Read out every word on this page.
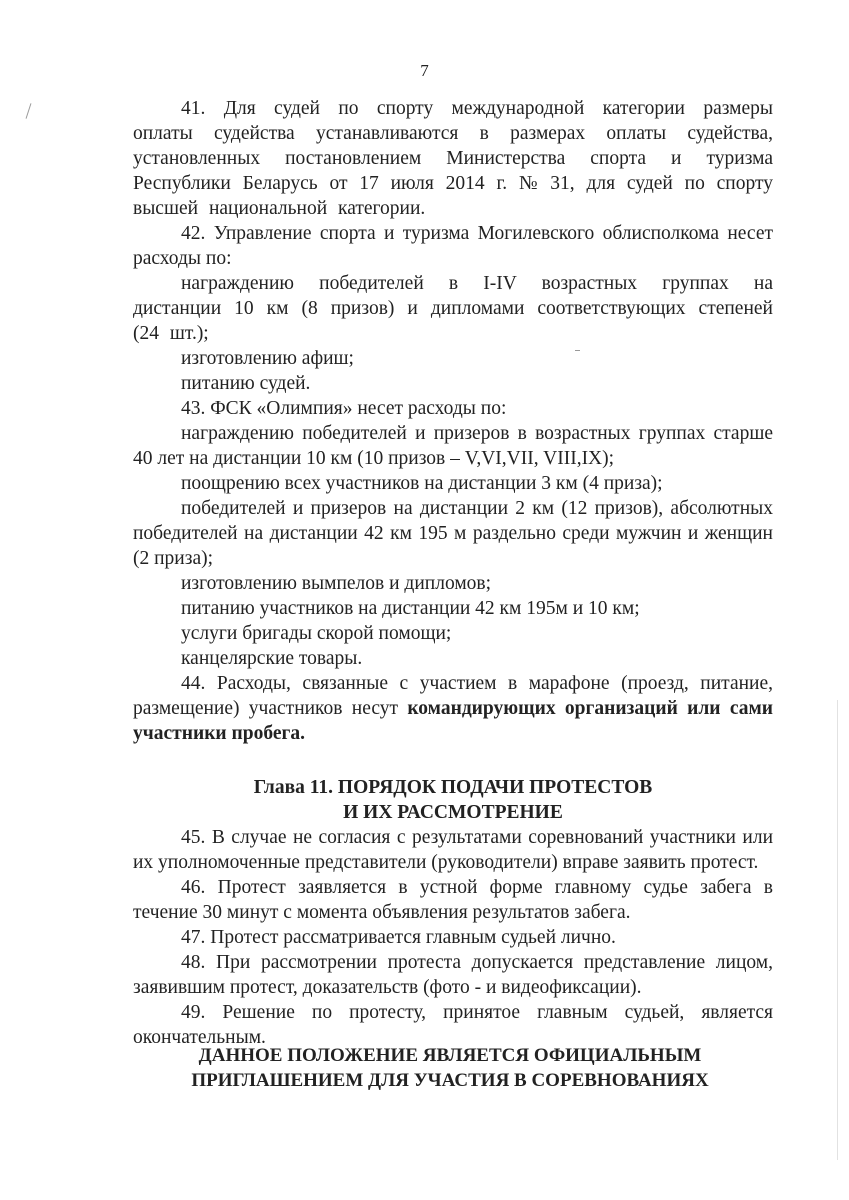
7

41. Для судей по спорту международной категории размеры оплаты судейства устанавливаются в размерах оплаты судейства, установленных постановлением Министерства спорта и туризма Республики Беларусь от 17 июля 2014 г. № 31, для судей по спорту высшей национальной категории.

42. Управление спорта и туризма Могилевского облисполкома несет расходы по:

награждению победителей в I-IV возрастных группах на дистанции 10 км (8 призов) и дипломами соответствующих степеней (24 шт.);

изготовлению афиш;

питанию судей.

43. ФСК «Олимпия» несет расходы по:

награждению победителей и призеров в возрастных группах старше 40 лет на дистанции 10 км (10 призов – V,VI,VII, VIII,IX);

поощрению всех участников на дистанции 3 км (4 приза);

победителей и призеров на дистанции 2 км (12 призов), абсолютных победителей на дистанции 42 км 195 м раздельно среди мужчин и женщин (2 приза);

изготовлению вымпелов и дипломов;

питанию участников на дистанции 42 км 195м и 10 км;

услуги бригады скорой помощи;

канцелярские товары.

44. Расходы, связанные с участием в марафоне (проезд, питание, размещение) участников несут командирующих организаций или сами участники пробега.

Глава 11. ПОРЯДОК ПОДАЧИ ПРОТЕСТОВ

И ИХ РАССМОТРЕНИЕ

45. В случае не согласия с результатами соревнований участники или их уполномоченные представители (руководители) вправе заявить протест.

46. Протест заявляется в устной форме главному судье забега в течение 30 минут с момента объявления результатов забега.

47. Протест рассматривается главным судьей лично.

48. При рассмотрении протеста допускается представление лицом, заявившим протест, доказательств (фото - и видеофиксации).

49. Решение по протесту, принятое главным судьей, является окончательным.

ДАННОЕ ПОЛОЖЕНИЕ ЯВЛЯЕТСЯ ОФИЦИАЛЬНЫМ
ПРИГЛАШЕНИЕМ ДЛЯ УЧАСТИЯ В СОРЕВНОВАНИЯХ
